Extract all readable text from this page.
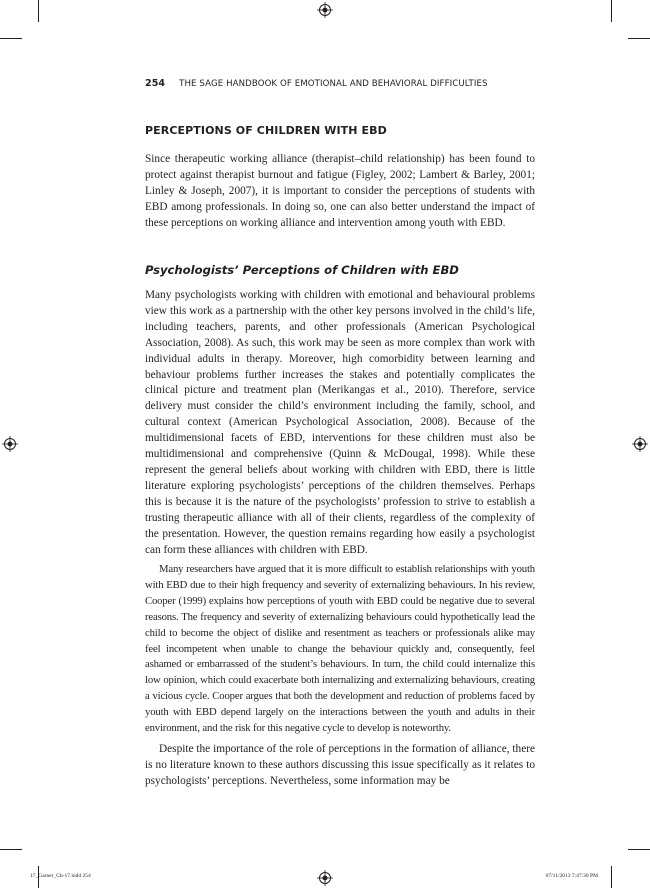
254 THE SAGE HANDBOOK OF EMOTIONAL AND BEHAVIORAL DIFFICULTIES
PERCEPTIONS OF CHILDREN WITH EBD

Since therapeutic working alliance (therapist–child relationship) has been found to protect against therapist burnout and fatigue (Figley, 2002; Lambert & Barley, 2001; Linley & Joseph, 2007), it is important to consider the perceptions of students with EBD among professionals. In doing so, one can also better understand the impact of these perceptions on working alliance and intervention among youth with EBD.

Psychologists’ Perceptions of Children with EBD

Many psychologists working with children with emotional and behavioural problems view this work as a partnership with the other key persons involved in the child’s life, including teachers, parents, and other professionals (American Psychological Association, 2008). As such, this work may be seen as more complex than work with individual adults in therapy. Moreover, high comorbidity between learning and behaviour problems further increases the stakes and potentially complicates the clinical picture and treatment plan (Merikangas et al., 2010). Therefore, service delivery must consider the child’s environment including the family, school, and cultural context (American Psychological Association, 2008). Because of the multidimensional facets of EBD, interventions for these children must also be multidimensional and comprehensive (Quinn & McDougal, 1998). While these represent the general beliefs about working with children with EBD, there is little literature exploring psychologists’ perceptions of the children themselves. Perhaps this is because it is the nature of the psychologists’ profession to strive to establish a trusting therapeutic alliance with all of their clients, regardless of the complexity of the presentation. However, the question remains regarding how easily a psychologist can form these alliances with children with EBD.

Many researchers have argued that it is more difficult to establish relationships with youth with EBD due to their high frequency and severity of externalizing behaviours. In his review, Cooper (1999) explains how perceptions of youth with EBD could be negative due to several reasons. The frequency and severity of externalizing behaviours could hypothetically lead the child to become the object of dislike and resentment as teachers or professionals alike may feel incompetent when unable to change the behaviour quickly and, consequently, feel ashamed or embarrassed of the student’s behaviours. In turn, the child could internalize this low opinion, which could exacerbate both internalizing and externalizing behaviours, creating a vicious cycle. Cooper argues that both the development and reduction of problems faced by youth with EBD depend largely on the interactions between the youth and adults in their environment, and the risk for this negative cycle to develop is noteworthy.

Despite the importance of the role of perceptions in the formation of alliance, there is no literature known to these authors discussing this issue specifically as it relates to psychologists’ perceptions. Nevertheless, some information may be

17_Garner_Ch-17.indd 254	07/11/2013 7:47:30 PM
